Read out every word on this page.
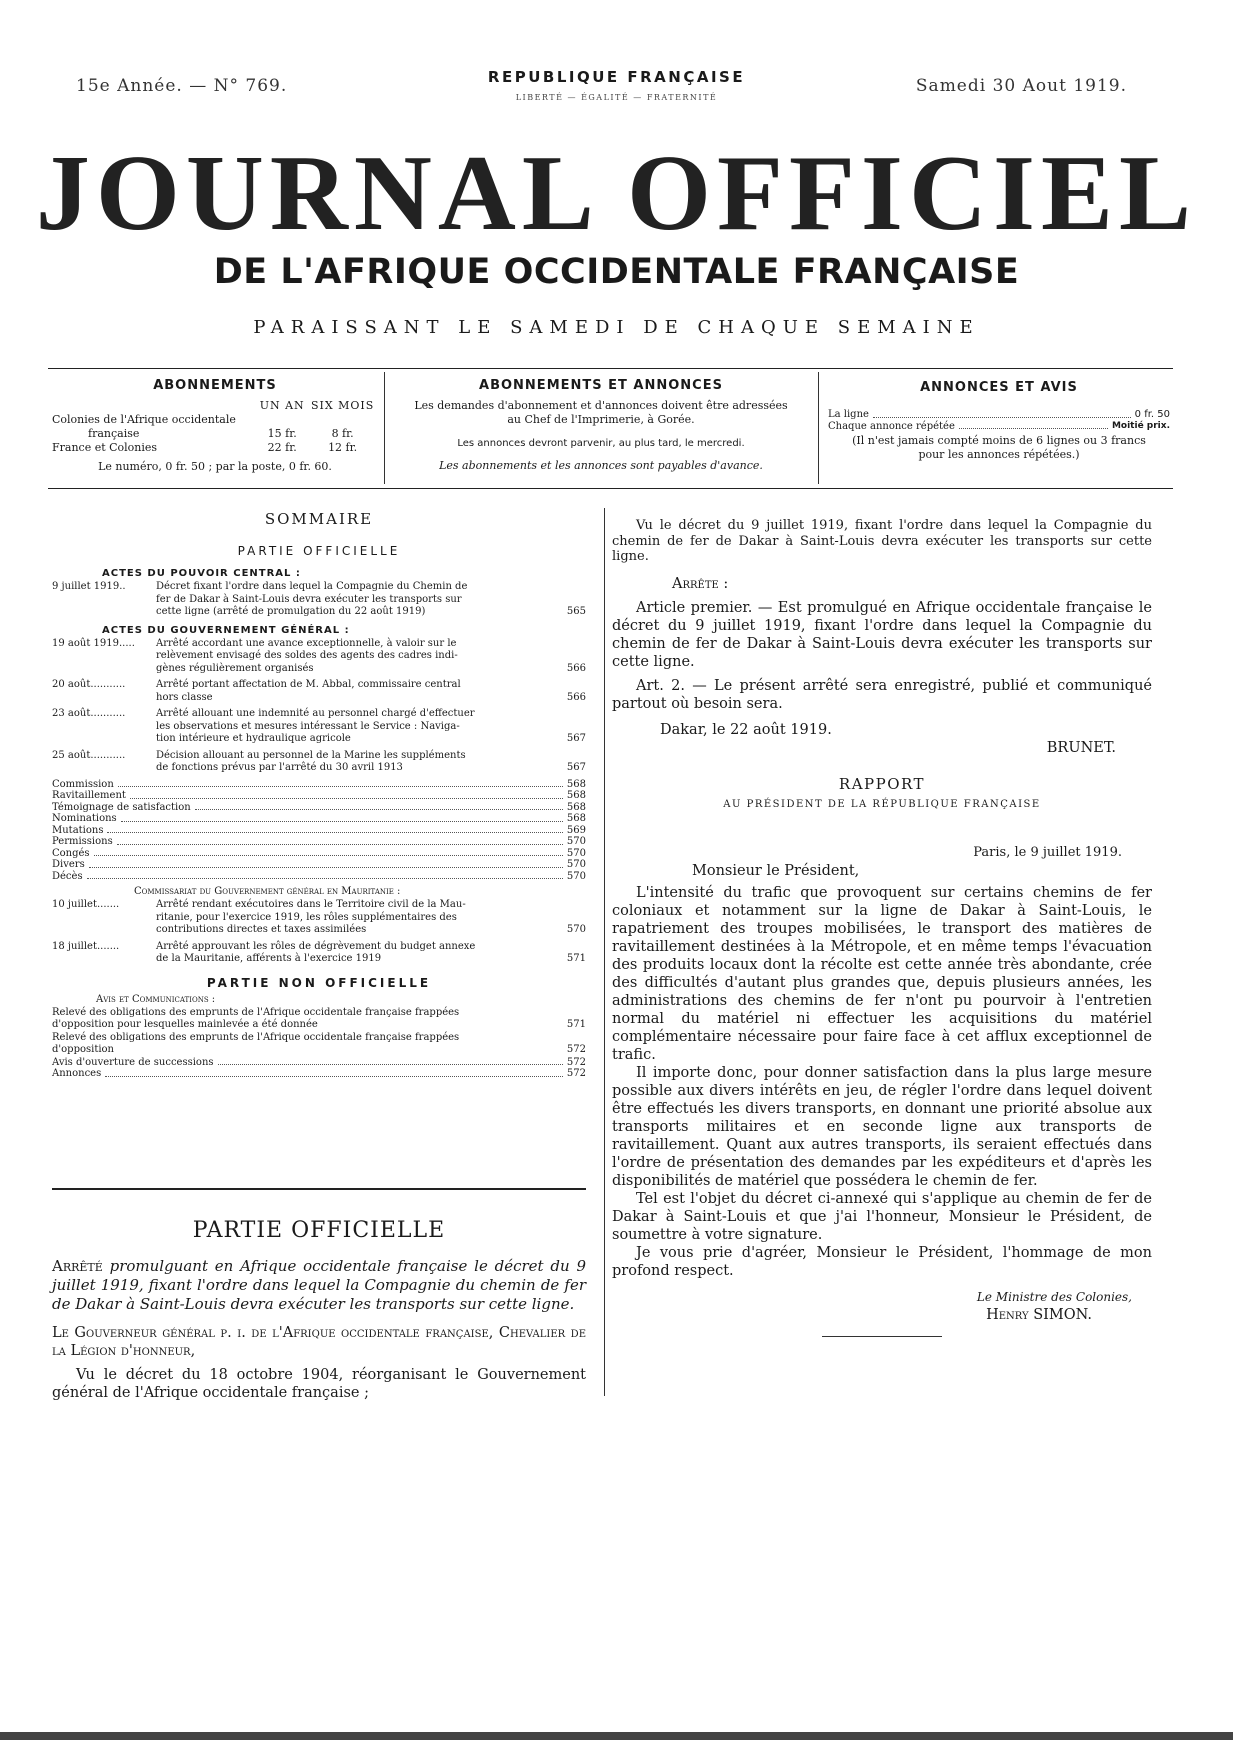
15e Année. — N° 769.	REPUBLIQUE FRANÇAISE
LIBERTÉ — ÉGALITÉ — FRATERNITÉ
Samedi 30 Aout 1919.
JOURNAL OFFICIEL
DE L'AFRIQUE OCCIDENTALE FRANÇAISE
PARAISSANT LE SAMEDI DE CHAQUE SEMAINE
ABONNEMENTS
	UN AN	SIX MOIS
Colonies de l'Afrique occidentale
française	15 fr.	8 fr.
France et Colonies	22 fr.	12 fr.
Le numéro, 0 fr. 50 ; par la poste, 0 fr. 60.
ABONNEMENTS ET ANNONCES
Les demandes d'abonnement et d'annonces doivent être adressées
au Chef de l'Imprimerie, à Gorée.
Les annonces devront parvenir, au plus tard, le mercredi.
Les abonnements et les annonces sont payables d'avance.
ANNONCES ET AVIS
La ligne	0 fr. 50
Chaque annonce répétée	Moitié prix.
(Il n'est jamais compté moins de 6 lignes ou 3 francs
pour les annonces répétées.)
SOMMAIRE
PARTIE OFFICIELLE
ACTES DU POUVOIR CENTRAL :
9 juillet 1919..	Décret fixant l'ordre dans lequel la Compagnie du Chemin de
fer de Dakar à Saint-Louis devra exécuter les transports sur
cette ligne (arrêté de promulgation du 22 août 1919)	565
ACTES DU GOUVERNEMENT GÉNÉRAL :
19 août 1919.....	Arrêté accordant une avance exceptionnelle, à valoir sur le
relèvement envisagé des soldes des agents des cadres indi-
gènes régulièrement organisés	566
20 août...........	Arrêté portant affectation de M. Abbal, commissaire central
hors classe	566
23 août...........	Arrêté allouant une indemnité au personnel chargé d'effectuer
les observations et mesures intéressant le Service : Naviga-
tion intérieure et hydraulique agricole	567
25 août...........	Décision allouant au personnel de la Marine les suppléments
de fonctions prévus par l'arrêté du 30 avril 1913	567
Commission	568
Ravitaillement	568
Témoignage de satisfaction	568
Nominations	568
Mutations	569
Permissions	570
Congés	570
Divers	570
Décès	570
Commissariat du Gouvernement général en Mauritanie :
10 juillet.......	Arrêté rendant exécutoires dans le Territoire civil de la Mau-
ritanie, pour l'exercice 1919, les rôles supplémentaires des
contributions directes et taxes assimilées	570
18 juillet.......	Arrêté approuvant les rôles de dégrèvement du budget annexe
de la Mauritanie, afférents à l'exercice 1919	571
PARTIE NON OFFICIELLE
Avis et Communications :
Relevé des obligations des emprunts de l'Afrique occidentale française frappées
d'opposition pour lesquelles mainlevée a été donnée	571
Relevé des obligations des emprunts de l'Afrique occidentale française frappées
d'opposition	572
Avis d'ouverture de successions	572
Annonces	572
PARTIE OFFICIELLE
Arrêté promulguant en Afrique occidentale française le décret du 9 juillet 1919, fixant l'ordre dans lequel la Compagnie du chemin de fer de Dakar à Saint-Louis devra exécuter les transports sur cette ligne.
Le Gouverneur général p. i. de l'Afrique occidentale française, Chevalier de la Légion d'honneur,
Vu le décret du 18 octobre 1904, réorganisant le Gouvernement général de l'Afrique occidentale française ;
Vu le décret du 9 juillet 1919, fixant l'ordre dans lequel la Compagnie du chemin de fer de Dakar à Saint-Louis devra exécuter les transports sur cette ligne.
Arrête :
Article premier. — Est promulgué en Afrique occidentale française le décret du 9 juillet 1919, fixant l'ordre dans lequel la Compagnie du chemin de fer de Dakar à Saint-Louis devra exécuter les transports sur cette ligne.
Art. 2. — Le présent arrêté sera enregistré, publié et communiqué partout où besoin sera.
Dakar, le 22 août 1919.
BRUNET.
RAPPORT
AU PRÉSIDENT DE LA RÉPUBLIQUE FRANÇAISE
Paris, le 9 juillet 1919.
Monsieur le Président,
L'intensité du trafic que provoquent sur certains chemins de fer coloniaux et notamment sur la ligne de Dakar à Saint-Louis, le rapatriement des troupes mobilisées, le transport des matières de ravitaillement destinées à la Métropole, et en même temps l'évacuation des produits locaux dont la récolte est cette année très abondante, crée des difficultés d'autant plus grandes que, depuis plusieurs années, les administrations des chemins de fer n'ont pu pourvoir à l'entretien normal du matériel ni effectuer les acquisitions du matériel complémentaire nécessaire pour faire face à cet afflux exceptionnel de trafic.
Il importe donc, pour donner satisfaction dans la plus large mesure possible aux divers intérêts en jeu, de régler l'ordre dans lequel doivent être effectués les divers transports, en donnant une priorité absolue aux transports militaires et en seconde ligne aux transports de ravitaillement. Quant aux autres transports, ils seraient effectués dans l'ordre de présentation des demandes par les expéditeurs et d'après les disponibilités de matériel que possédera le chemin de fer.
Tel est l'objet du décret ci-annexé qui s'applique au chemin de fer de Dakar à Saint-Louis et que j'ai l'honneur, Monsieur le Président, de soumettre à votre signature.
Je vous prie d'agréer, Monsieur le Président, l'hommage de mon profond respect.
Le Ministre des Colonies,
Henry SIMON.
